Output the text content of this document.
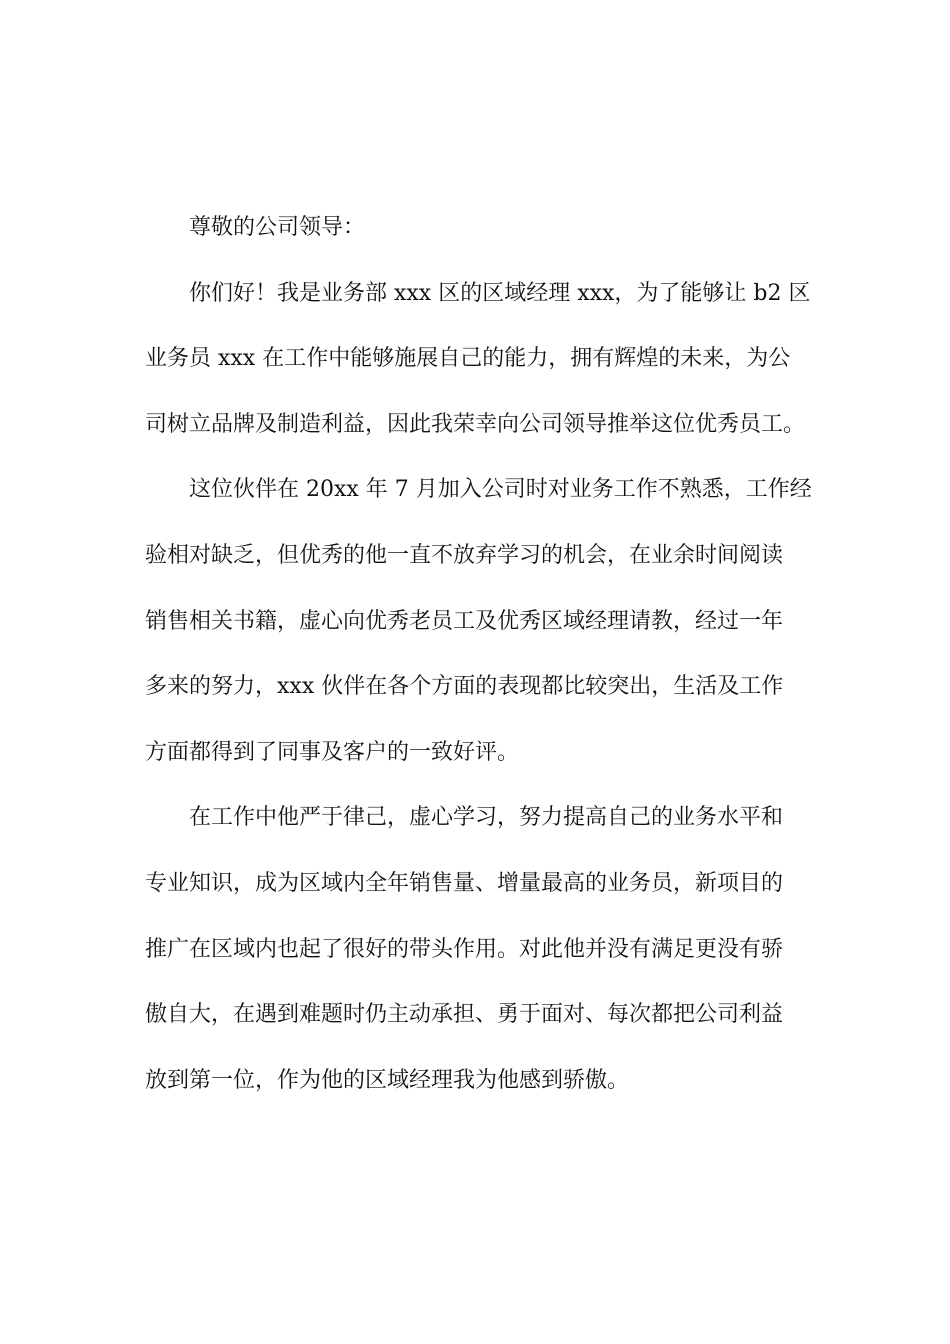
尊敬的公司领导：
你们好！我是业务部 xxx 区的区域经理 xxx，为了能够让 b2 区
业务员 xxx 在工作中能够施展自己的能力，拥有辉煌的未来，为公
司树立品牌及制造利益，因此我荣幸向公司领导推举这位优秀员工。
这位伙伴在 20xx 年 7 月加入公司时对业务工作不熟悉，工作经
验相对缺乏，但优秀的他一直不放弃学习的机会，在业余时间阅读
销售相关书籍，虚心向优秀老员工及优秀区域经理请教，经过一年
多来的努力，xxx 伙伴在各个方面的表现都比较突出，生活及工作
方面都得到了同事及客户的一致好评。
在工作中他严于律己，虚心学习，努力提高自己的业务水平和
专业知识，成为区域内全年销售量、增量最高的业务员，新项目的
推广在区域内也起了很好的带头作用。对此他并没有满足更没有骄
傲自大，在遇到难题时仍主动承担、勇于面对、每次都把公司利益
放到第一位，作为他的区域经理我为他感到骄傲。
